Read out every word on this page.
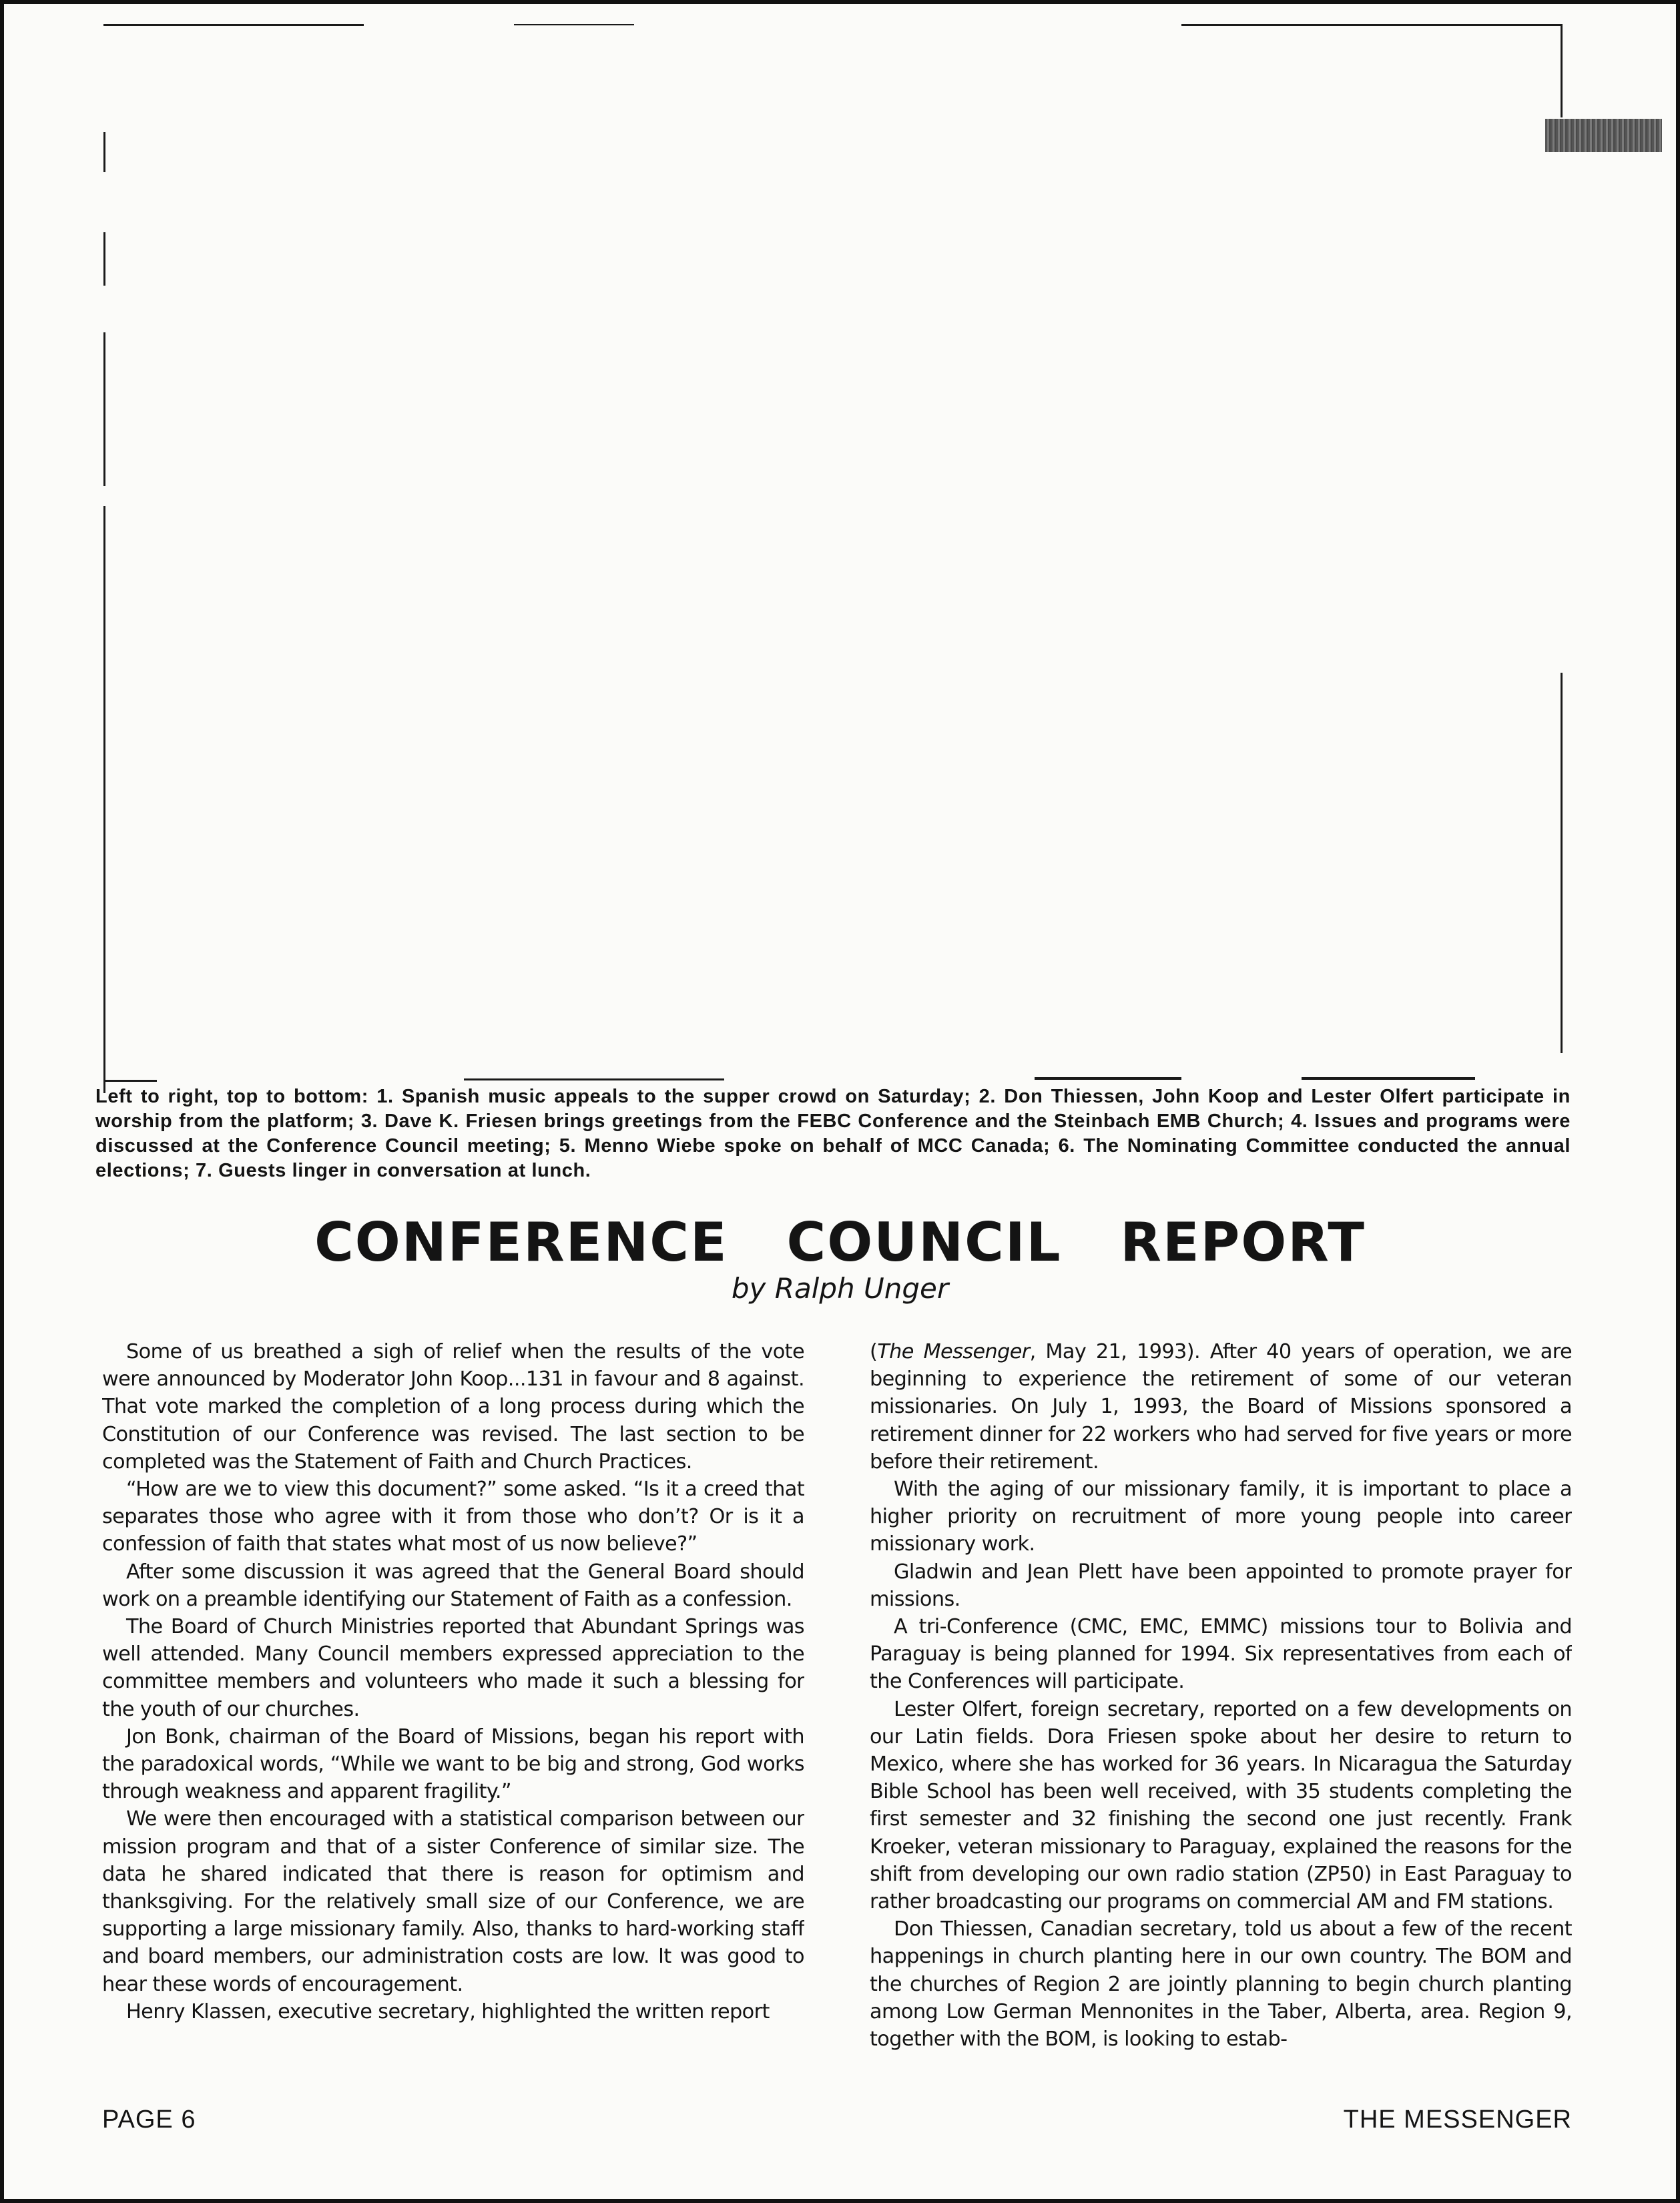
Left to right, top to bottom: 1. Spanish music appeals to the supper crowd on Saturday; 2. Don Thiessen, John Koop and Lester Olfert participate in worship from the platform; 3. Dave K. Friesen brings greetings from the FEBC Conference and the Steinbach EMB Church; 4. Issues and programs were discussed at the Conference Council meeting; 5. Menno Wiebe spoke on behalf of MCC Canada; 6. The Nominating Committee conducted the annual elections; 7. Guests linger in conversation at lunch.

CONFERENCE COUNCIL REPORT

by Ralph Unger

Some of us breathed a sigh of relief when the results of the vote were announced by Moderator John Koop...131 in favour and 8 against. That vote marked the completion of a long process during which the Constitution of our Conference was revised. The last section to be completed was the Statement of Faith and Church Practices.

“How are we to view this document?” some asked. “Is it a creed that separates those who agree with it from those who don’t? Or is it a confession of faith that states what most of us now believe?”

After some discussion it was agreed that the General Board should work on a preamble identifying our Statement of Faith as a confession.

The Board of Church Ministries reported that Abundant Springs was well attended. Many Council members expressed appreciation to the committee members and volunteers who made it such a blessing for the youth of our churches.

Jon Bonk, chairman of the Board of Missions, began his report with the paradoxical words, “While we want to be big and strong, God works through weakness and apparent fragility.”

We were then encouraged with a statistical comparison between our mission program and that of a sister Conference of similar size. The data he shared indicated that there is reason for optimism and thanksgiving. For the relatively small size of our Conference, we are supporting a large missionary family. Also, thanks to hard-working staff and board members, our administration costs are low. It was good to hear these words of encouragement.

Henry Klassen, executive secretary, highlighted the written report

(The Messenger, May 21, 1993). After 40 years of operation, we are beginning to experience the retirement of some of our veteran missionaries. On July 1, 1993, the Board of Missions sponsored a retirement dinner for 22 workers who had served for five years or more before their retirement.

With the aging of our missionary family, it is important to place a higher priority on recruitment of more young people into career missionary work.

Gladwin and Jean Plett have been appointed to promote prayer for missions.

A tri-Conference (CMC, EMC, EMMC) missions tour to Bolivia and Paraguay is being planned for 1994. Six representatives from each of the Conferences will participate.

Lester Olfert, foreign secretary, reported on a few developments on our Latin fields. Dora Friesen spoke about her desire to return to Mexico, where she has worked for 36 years. In Nicaragua the Saturday Bible School has been well received, with 35 students completing the first semester and 32 finishing the second one just recently. Frank Kroeker, veteran missionary to Paraguay, explained the reasons for the shift from developing our own radio station (ZP50) in East Paraguay to rather broadcasting our programs on commercial AM and FM stations.

Don Thiessen, Canadian secretary, told us about a few of the recent happenings in church planting here in our own country. The BOM and the churches of Region 2 are jointly planning to begin church planting among Low German Mennonites in the Taber, Alberta, area. Region 9, together with the BOM, is looking to estab-

PAGE 6	THE MESSENGER
